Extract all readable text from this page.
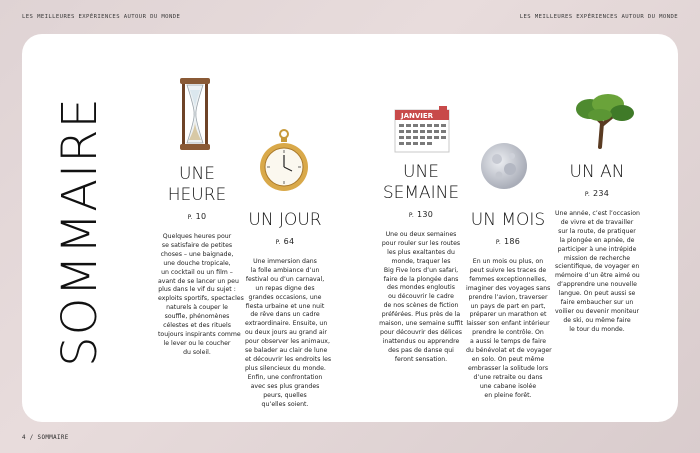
LES MEILLEURES EXPÉRIENCES AUTOUR DU MONDE	LES MEILLEURES EXPÉRIENCES AUTOUR DU MONDE
SOMMAIRE	JANVIER
UNE
HEURE
P. 10
Quelques heures pour
se satisfaire de petites
choses – une baignade,
une douche tropicale,
un cocktail ou un film –
avant de se lancer un peu
plus dans le vif du sujet :
exploits sportifs, spectacles
naturels à couper le
souffle, phénomènes
célestes et des rituels
toujours inspirants comme
le lever ou le coucher
du soleil.
UN JOUR
P. 64
Une immersion dans
la folle ambiance d’un
festival ou d’un carnaval,
un repas digne des
grandes occasions, une
fiesta urbaine et une nuit
de rêve dans un cadre
extraordinaire. Ensuite, un
ou deux jours au grand air
pour observer les animaux,
se balader au clair de lune
et découvrir les endroits les
plus silencieux du monde.
Enfin, une confrontation
avec ses plus grandes
peurs, quelles
qu’elles soient.
UNE
SEMAINE
P. 130
Une ou deux semaines
pour rouler sur les routes
les plus exaltantes du
monde, traquer les
Big Five lors d’un safari,
faire de la plongée dans
des mondes engloutis
ou découvrir le cadre
de nos scènes de fiction
préférées. Plus près de la
maison, une semaine suffit
pour découvrir des délices
inattendus ou apprendre
des pas de danse qui
feront sensation.
UN MOIS
P. 186
En un mois ou plus, on
peut suivre les traces de
femmes exceptionnelles,
imaginer des voyages sans
prendre l’avion, traverser
un pays de part en part,
préparer un marathon et
laisser son enfant intérieur
prendre le contrôle. On
a aussi le temps de faire
du bénévolat et de voyager
en solo. On peut même
embrasser la solitude lors
d’une retraite ou dans
une cabane isolée
en pleine forêt.
UN AN
P. 234
Une année, c’est l’occasion
de vivre et de travailler
sur la route, de pratiquer
la plongée en apnée, de
participer à une intrépide
mission de recherche
scientifique, de voyager en
mémoire d’un être aimé ou
d’apprendre une nouvelle
langue. On peut aussi se
faire embaucher sur un
voilier ou devenir moniteur
de ski, ou même faire
le tour du monde.
4 / SOMMAIRE
